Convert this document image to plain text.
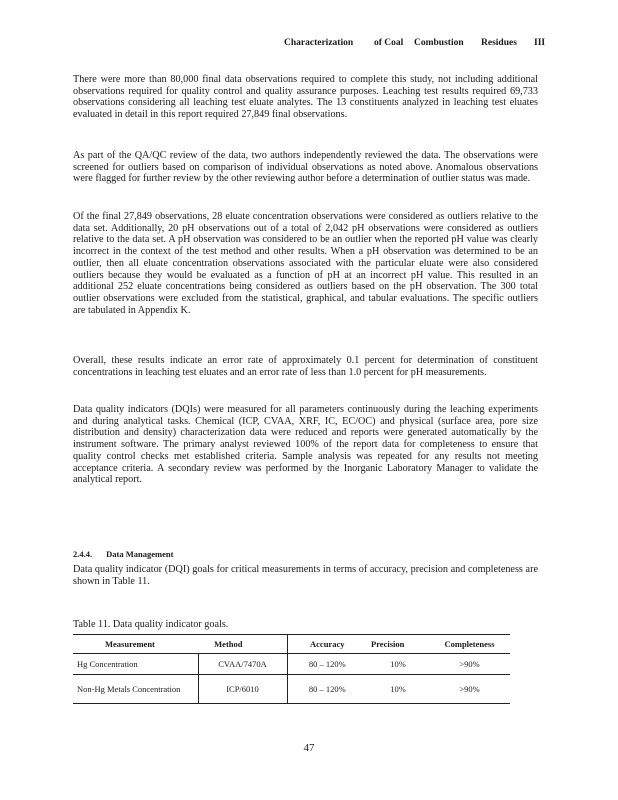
Characterization of Coal Combustion Residues III

There were more than 80,000 final data observations required to complete this study, not including additional observations required for quality control and quality assurance purposes. Leaching test results required 69,733 observations considering all leaching test eluate analytes. The 13 constituents analyzed in leaching test eluates evaluated in detail in this report required 27,849 final observations.

As part of the QA/QC review of the data, two authors independently reviewed the data. The observations were screened for outliers based on comparison of individual observations as noted above. Anomalous observations were flagged for further review by the other reviewing author before a determination of outlier status was made.

Of the final 27,849 observations, 28 eluate concentration observations were considered as outliers relative to the data set. Additionally, 20 pH observations out of a total of 2,042 pH observations were considered as outliers relative to the data set. A pH observation was considered to be an outlier when the reported pH value was clearly incorrect in the context of the test method and other results. When a pH observation was determined to be an outlier, then all eluate concentration observations associated with the particular eluate were also considered outliers because they would be evaluated as a function of pH at an incorrect pH value. This resulted in an additional 252 eluate concentrations being considered as outliers based on the pH observation. The 300 total outlier observations were excluded from the statistical, graphical, and tabular evaluations. The specific outliers are tabulated in Appendix K.

Overall, these results indicate an error rate of approximately 0.1 percent for determination of constituent concentrations in leaching test eluates and an error rate of less than 1.0 percent for pH measurements.

Data quality indicators (DQIs) were measured for all parameters continuously during the leaching experiments and during analytical tasks. Chemical (ICP, CVAA, XRF, IC, EC/OC) and physical (surface area, pore size distribution and density) characterization data were reduced and reports were generated automatically by the instrument software. The primary analyst reviewed 100% of the report data for completeness to ensure that quality control checks met established criteria. Sample analysis was repeated for any results not meeting acceptance criteria. A secondary review was performed by the Inorganic Laboratory Manager to validate the analytical report.

2.4.4. Data Management

Data quality indicator (DQI) goals for critical measurements in terms of accuracy, precision and completeness are shown in Table 11.

Table 11. Data quality indicator goals.
Measurement Method		Accuracy	Precision	Completeness
Hg Concentration	CVAA/7470A	80 – 120%	10%	>90%
Non-Hg Metals Concentration	ICP/6010	80 – 120%	10%	>90%
47
